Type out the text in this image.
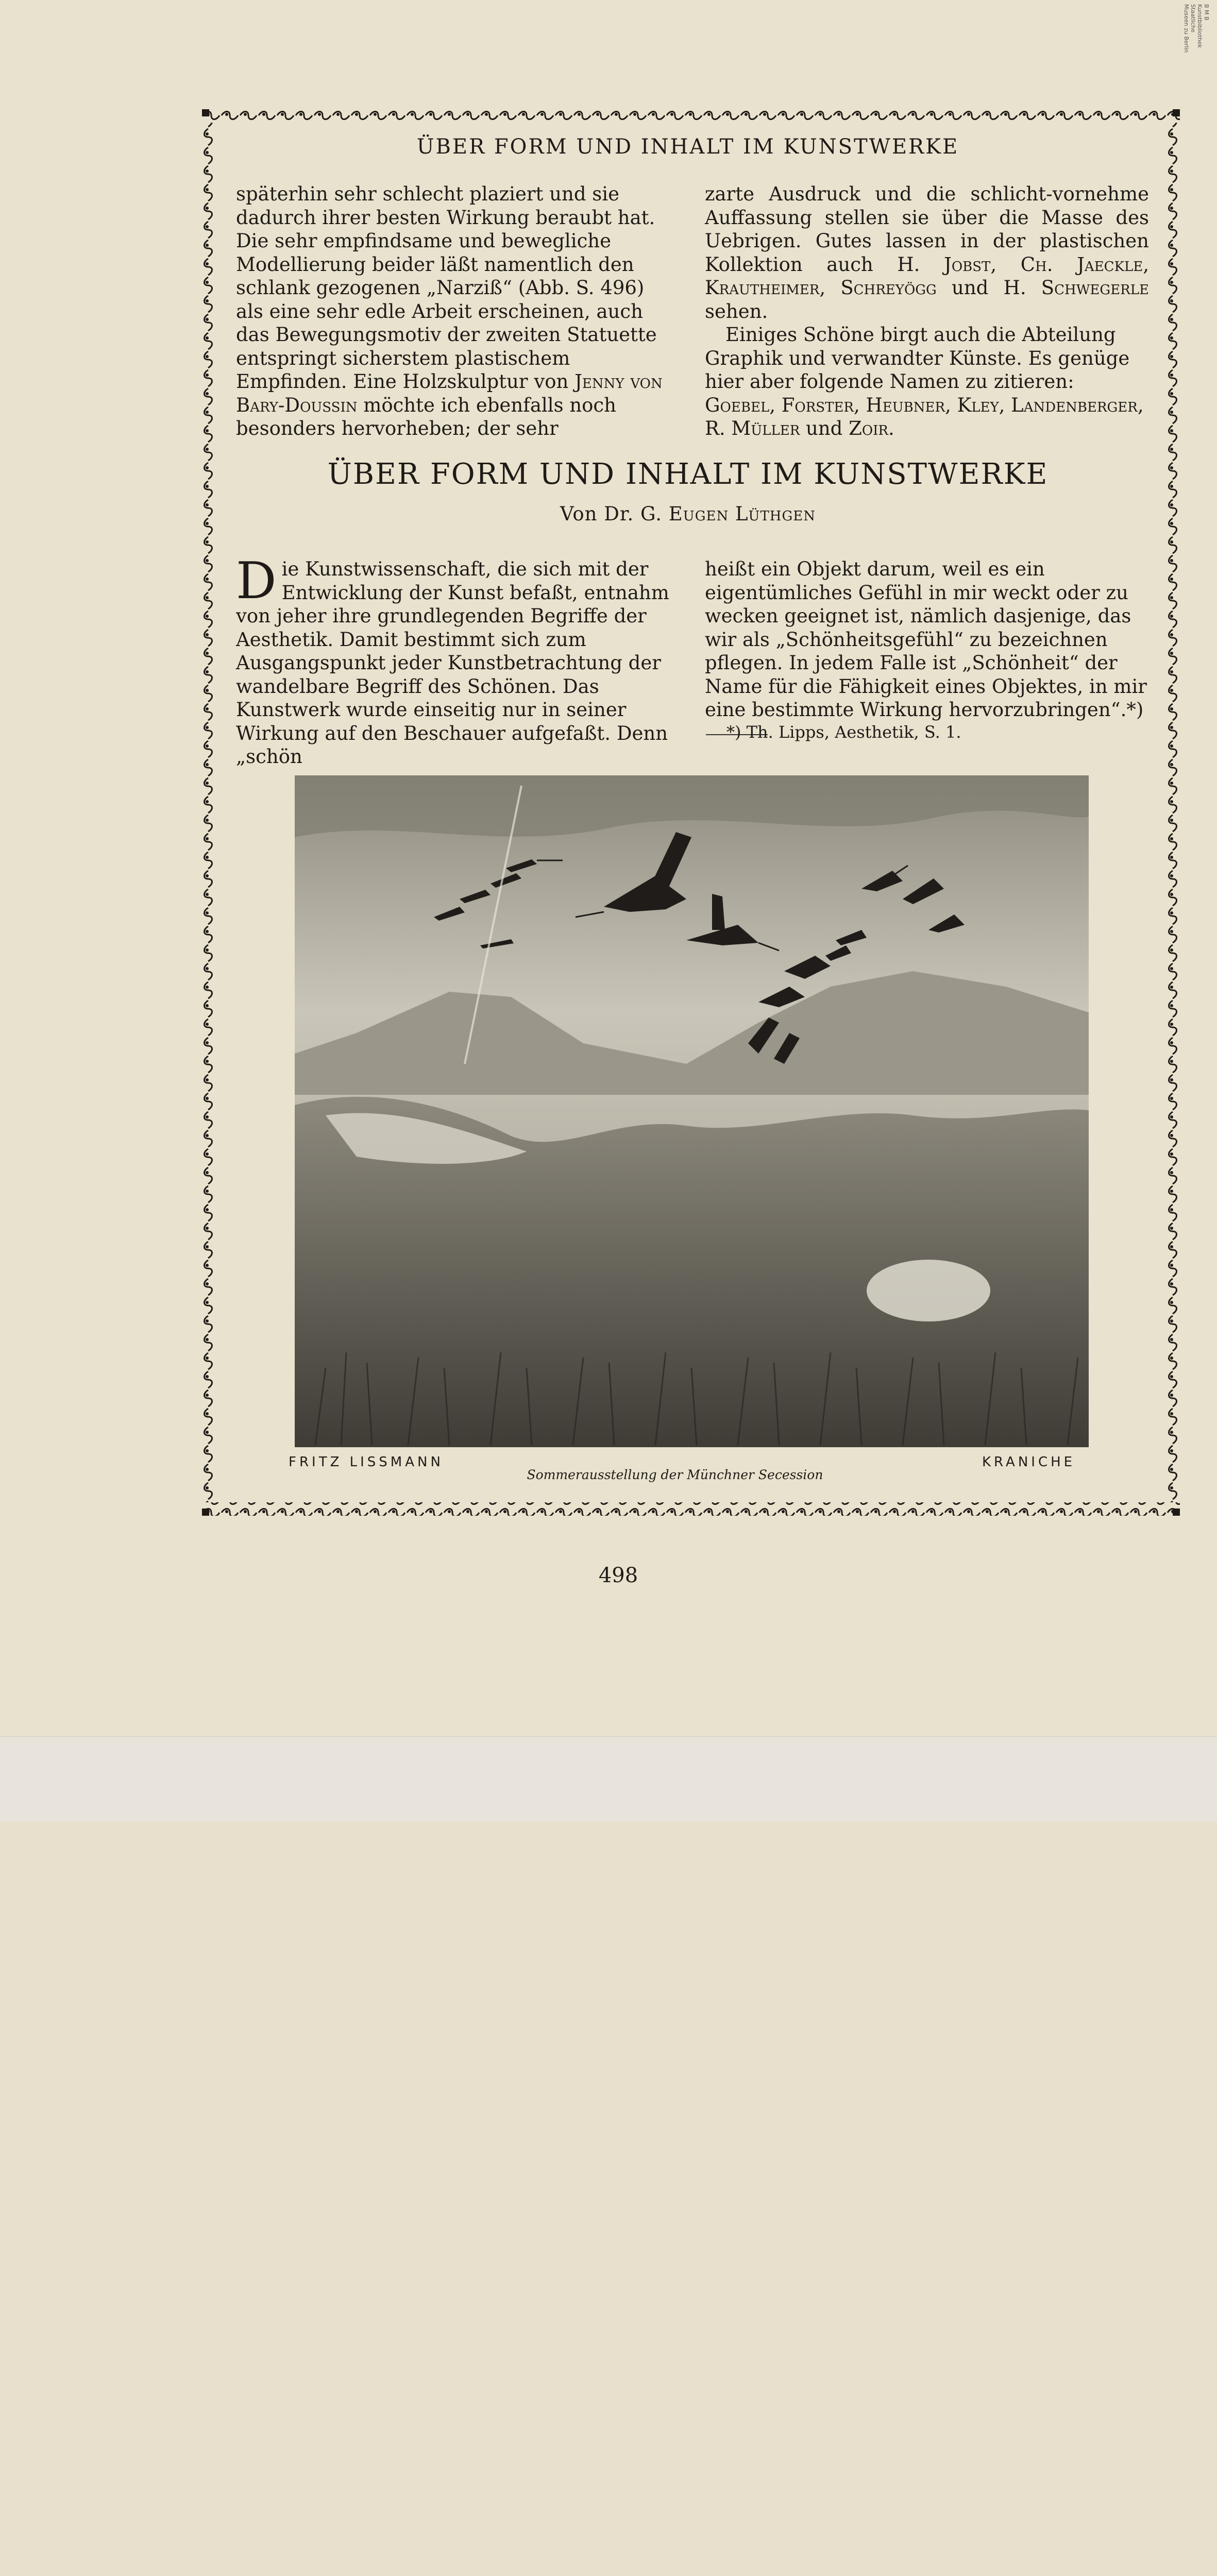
B M B Kunstbibliothek Staatliche Museen zu Berlin
ÜBER FORM UND INHALT IM KUNSTWERKE

späterhin sehr schlecht plaziert und sie dadurch ihrer besten Wirkung beraubt hat. Die sehr empfindsame und bewegliche Modellierung beider läßt namentlich den schlank gezogenen „Narziß“ (Abb. S. 496) als eine sehr edle Arbeit erscheinen, auch das Bewegungsmotiv der zweiten Statuette entspringt sicherstem plastischem Empfinden. Eine Holzskulptur von Jenny von Bary-Doussin möchte ich ebenfalls noch besonders hervorheben; der sehr

zarte Ausdruck und die schlicht-vornehme Auffassung stellen sie über die Masse des Uebrigen. Gutes lassen in der plastischen Kollektion auch H. Jobst, Ch. Jaeckle, Krautheimer, Schreyögg und H. Schwegerle sehen.

Einiges Schöne birgt auch die Abteilung Graphik und verwandter Künste. Es genüge hier aber folgende Namen zu zitieren: Goebel, Forster, Heubner, Kley, Landenberger, R. Müller und Zoir.

ÜBER FORM UND INHALT IM KUNSTWERKE
Von Dr. G. Eugen Lüthgen

Die Kunstwissenschaft, die sich mit der Entwicklung der Kunst befaßt, entnahm von jeher ihre grundlegenden Begriffe der Aesthetik. Damit bestimmt sich zum Ausgangspunkt jeder Kunstbetrachtung der wandelbare Begriff des Schönen. Das Kunstwerk wurde einseitig nur in seiner Wirkung auf den Beschauer aufgefaßt. Denn „schön

heißt ein Objekt darum, weil es ein eigentümliches Gefühl in mir weckt oder zu wecken geeignet ist, nämlich dasjenige, das wir als „Schönheitsgefühl“ zu bezeichnen pflegen. In jedem Falle ist „Schönheit“ der Name für die Fähigkeit eines Objektes, in mir eine bestimmte Wirkung hervorzubringen“.*)

*) Th. Lipps, Aesthetik, S. 1.
FRITZ LISSMANN	KRANICHE
Sommerausstellung der Münchner Secession
498
